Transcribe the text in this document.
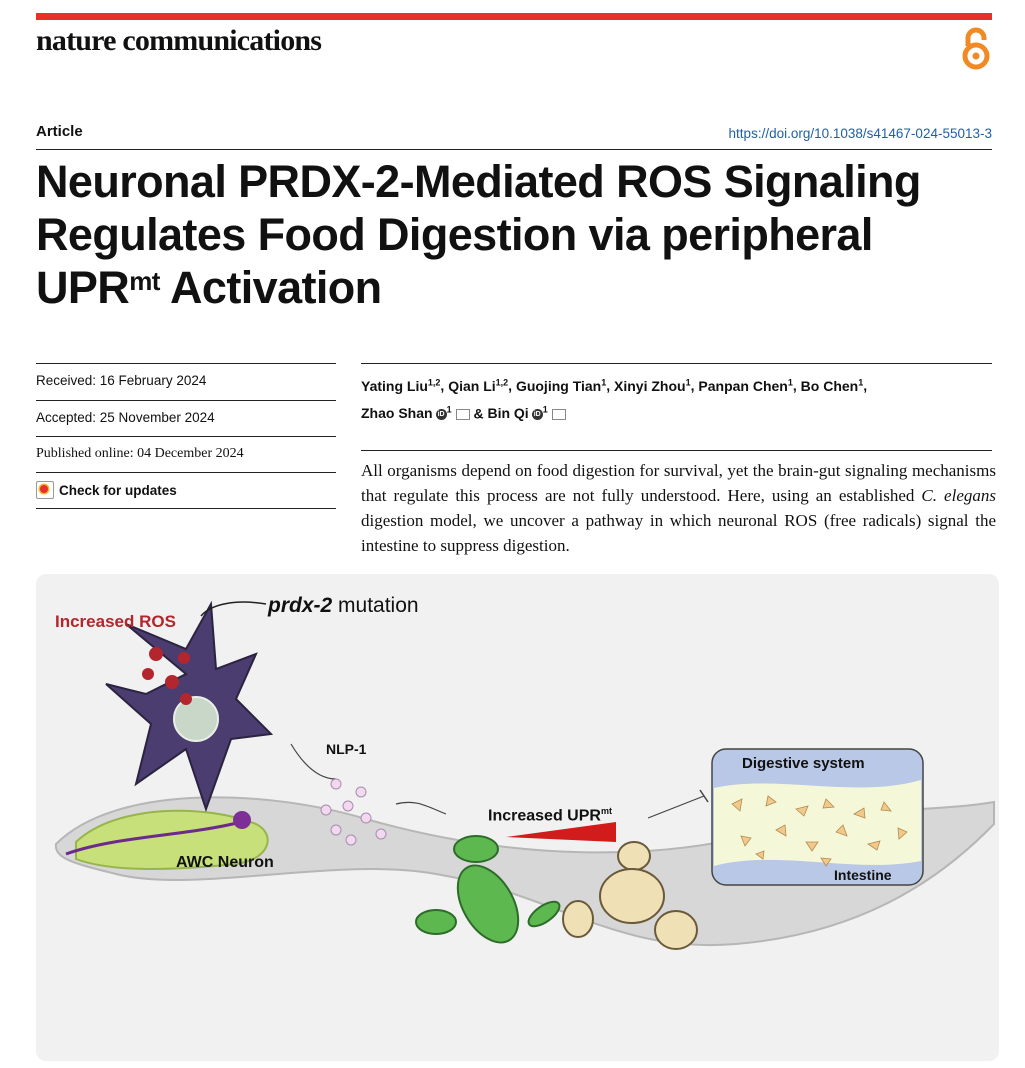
nature communications
Article	https://doi.org/10.1038/s41467-024-55013-3
Neuronal PRDX-2-Mediated ROS Signaling
Regulates Food Digestion via peripheral
$UPR^{mt}$ Activation
Received: 16 February 2024
Accepted: 25 November 2024
Published online: 04 December 2024
Check for updates
Yating Liu$^{1,2}$, Qian Li$^{1,2}$, Guojing Tian$^1$, Xinyi Zhou$^1$, Panpan Chen$^1$, Bo Chen$^1$,
Zhao Shan iD $^1$ & Bin Qi iD $^1$
All organisms depend on food digestion for survival, yet the brain-gut signaling mechanisms that regulate this process are not fully understood. Here, using an established C. elegans digestion model, we uncover a pathway in which neuronal ROS (free radicals) signal the intestine to suppress digestion.
Increased ROS
prdx-2 mutation
NLP-1
AWC Neuron
Increased $UPR^{mt}$
Digestive system
Intestine
